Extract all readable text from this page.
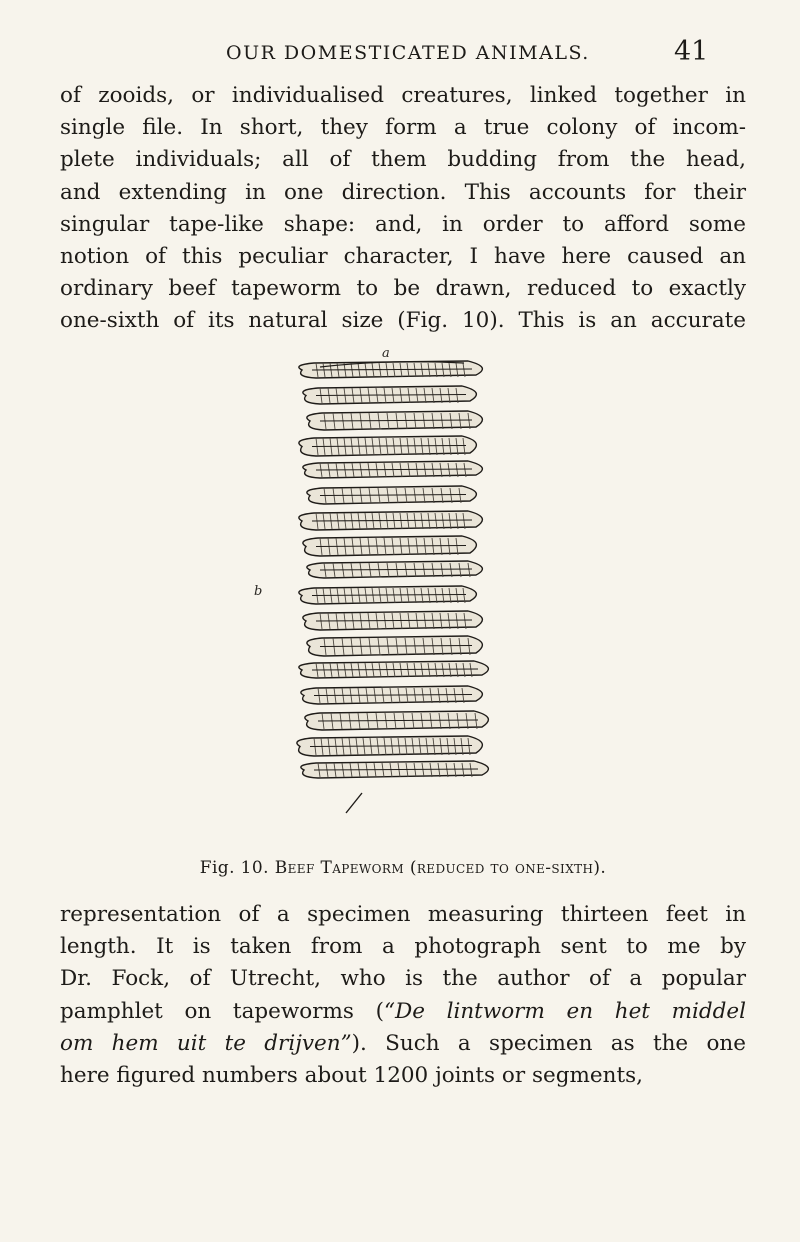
OUR DOMESTICATED ANIMALS.	41

of zooids, or individualised creatures, linked together in
single file. In short, they form a true colony of incom-
plete individuals; all of them budding from the head,
and extending in one direction. This accounts for their
singular tape-like shape: and, in order to afford some
notion of this peculiar character, I have here caused an
ordinary beef tapeworm to be drawn, reduced to exactly
one-sixth of its natural size (Fig. 10). This is an accurate

a
b
Fig. 10. Beef Tapeworm (reduced to one-sixth).

representation of a specimen measuring thirteen feet in
length. It is taken from a photograph sent to me by
Dr. Fock, of Utrecht, who is the author of a popular
pamphlet on tapeworms (“De lintworm en het middel
om hem uit te drijven”). Such a specimen as the one
here figured numbers about 1200 joints or segments,
